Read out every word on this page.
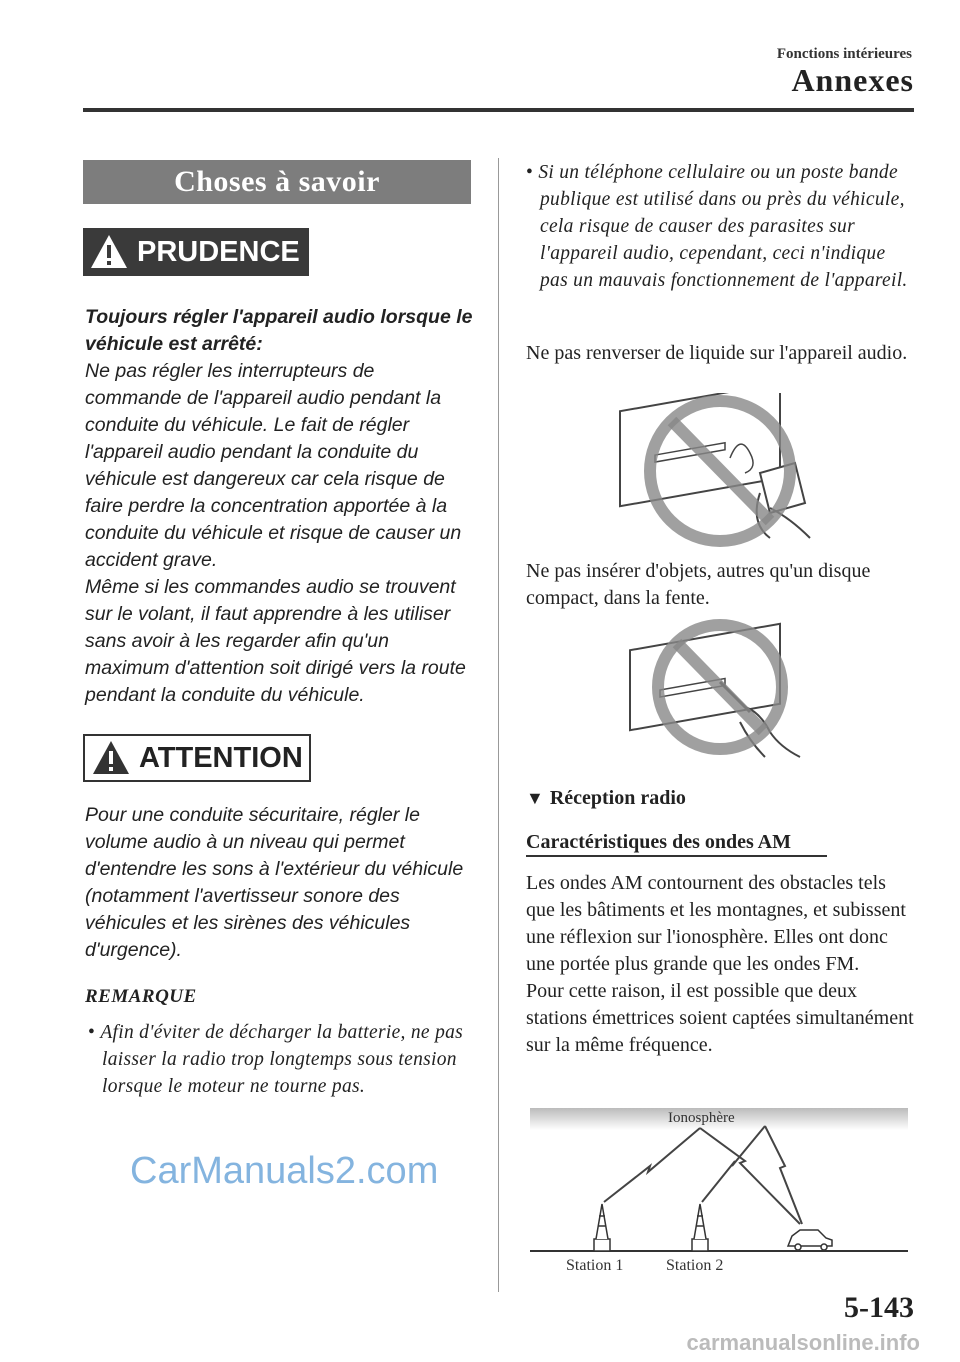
Fonctions intérieures
Annexes
Choses à savoir
PRUDENCE
Toujours régler l'appareil audio lorsque le véhicule est arrêté:
Ne pas régler les interrupteurs de commande de l'appareil audio pendant la conduite du véhicule. Le fait de régler l'appareil audio pendant la conduite du véhicule est dangereux car cela risque de faire perdre la concentration apportée à la conduite du véhicule et risque de causer un accident grave.
Même si les commandes audio se trouvent sur le volant, il faut apprendre à les utiliser sans avoir à les regarder afin qu'un maximum d'attention soit dirigé vers la route pendant la conduite du véhicule.
ATTENTION
Pour une conduite sécuritaire, régler le volume audio à un niveau qui permet d'entendre les sons à l'extérieur du véhicule (notamment l'avertisseur sonore des véhicules et les sirènes des véhicules d'urgence).
REMARQUE

• Afin d'éviter de décharger la batterie, ne pas laisser la radio trop longtemps sous tension lorsque le moteur ne tourne pas.

• Si un téléphone cellulaire ou un poste bande publique est utilisé dans ou près du véhicule, cela risque de causer des parasites sur l'appareil audio, cependant, ceci n'indique pas un mauvais fonctionnement de l'appareil.

Ne pas renverser de liquide sur l'appareil audio.
Ne pas insérer d'objets, autres qu'un disque compact, dans la fente.
▼ Réception radio
Caractéristiques des ondes AM
Les ondes AM contournent des obstacles tels que les bâtiments et les montagnes, et subissent une réflexion sur l'ionosphère. Elles ont donc une portée plus grande que les ondes FM.
Pour cette raison, il est possible que deux stations émettrices soient captées simultanément sur la même fréquence.
Ionosphère
Station 1	Station 2
5-143
CarManuals2.com
carmanualsonline.info
